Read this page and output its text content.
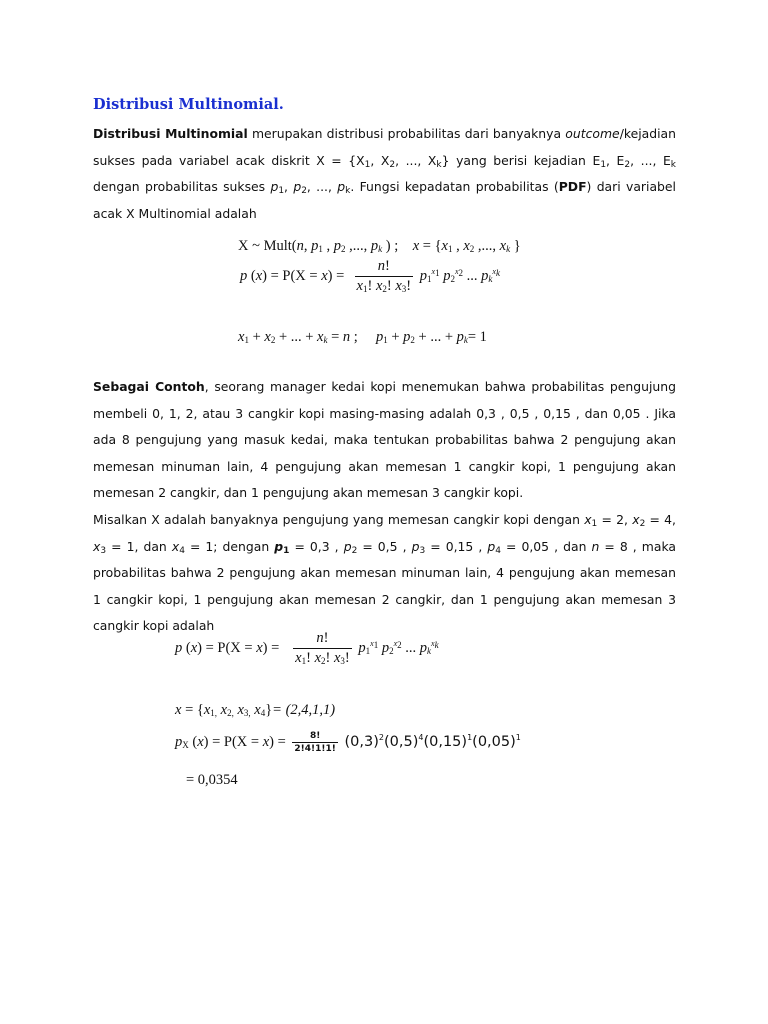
Distribusi Multinomial.

Distribusi Multinomial merupakan distribusi probabilitas dari banyaknya outcome/kejadian sukses pada variabel acak diskrit $X = \{X_1$, $X_2$, ..., $X_k$} yang berisi kejadian $E_1$, $E_2$, ..., $E_k$ dengan probabilitas sukses $p_1$, $p_2$, ..., $p_k$. Fungsi kepadatan probabilitas (PDF) dari variabel acak X Multinomial adalah

X ~ Mult(n, $p_1$ , $p_2$ ,..., $p_k$ ) ;    $x = \{x_1$ , $x_2$ ,..., $x_k$ }
p $(x) = P(X = x) = \frac{n!}{x_1! x_2! x_3!} p_1^{x_1}$ $p_2^{x_2}$ ... $p_k^{x_k}$
$x_1 + x_2$ + ... + $x_k = n$ ;     $p_1 + p_2$ + ... + $p_k= 1$

Sebagai Contoh, seorang manager kedai kopi menemukan bahwa probabilitas pengujung membeli 0, 1, 2, atau 3 cangkir kopi masing-masing adalah 0,3 , 0,5 , 0,15 , dan 0,05 . Jika ada 8 pengujung yang masuk kedai, maka tentukan probabilitas bahwa 2 pengujung akan memesan minuman lain, 4 pengujung akan memesan 1 cangkir kopi, 1 pengujung akan memesan 2 cangkir, dan 1 pengujung akan memesan 3 cangkir kopi.

Misalkan X adalah banyaknya pengujung yang memesan cangkir kopi dengan $x_1 = 2$, $x_2 = 4$, $x_3 = 1$, dan $x_4 = 1$; dengan $p_1 = 0,3$ , $p_2 = 0,5$ , $p_3 = 0,15$ , $p_4 = 0,05$ , dan n = 8 , maka probabilitas bahwa 2 pengujung akan memesan minuman lain, 4 pengujung akan memesan 1 cangkir kopi, 1 pengujung akan memesan 2 cangkir, dan 1 pengujung akan memesan 3 cangkir kopi adalah

p $(x) = P(X = x) = \frac{n!}{x_1! x_2! x_3!} p_1^{x_1}$ $p_2^{x_2}$ ... $p_k^{x_k}$
$x = \{x_{1,}$ $x_{2,}$ $x_{3,}$ $x_4\}= (2,4,1,1)$
$p_X$ $(x) = P(X = x) = \frac{8!}{2!4!1!1!} (0,3)^2(0,5)^4(0,15)^1(0,05)^1$
= 0,0354
